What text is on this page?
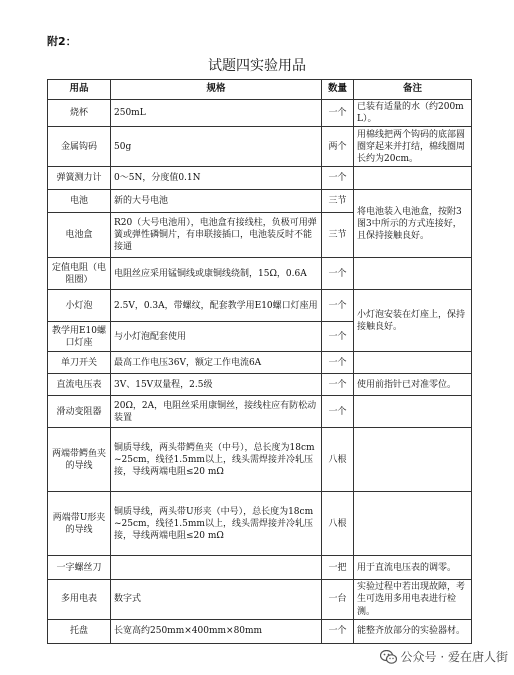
附2：
试题四实验用品
用品	规格	数量	备注
烧杯	250mL	一个	已装有适量的水（约200mL）。
金属钩码	50g	两个	用棉线把两个钩码的底部圆圈穿起来并打结，棉线圈周长约为20cm。
弹簧测力计	0～5N，分度值0.1N	一个	
电池	新的大号电池	三节	将电池装入电池盒，按附3图3中所示的方式连接好，且保持接触良好。
电池盒	R20（大号电池用），电池盒有接线柱，负极可用弹簧或弹性磷铜片，有串联接插口，电池装反时不能接通	三节	
定值电阻（电阻圈）	电阻丝应采用锰铜线或康铜线绕制，15Ω，0.6A	一个	
小灯泡	2.5V，0.3A，带螺纹，配套教学用E10螺口灯座用	一个	小灯泡安装在灯座上，保持接触良好。
教学用E10螺口灯座	与小灯泡配套使用	一个	
单刀开关	最高工作电压36V，额定工作电流6A	一个	
直流电压表	3V、15V双量程，2.5级	一个	使用前指针已对准零位。
滑动变阻器	20Ω，2A，电阻丝采用康铜丝，接线柱应有防松动装置	一个	
两端带鳄鱼夹的导线	铜质导线，两头带鳄鱼夹（中号），总长度为18cm~25cm，线径1.5mm以上，线头需焊接并冷轧压接，导线两端电阻≤20 mΩ	八根	
两端带U形夹的导线	铜质导线，两头带U形夹（中号），总长度为18cm~25cm，线径1.5mm以上，线头需焊接并冷轧压接，导线两端电阻≤20 mΩ	八根	
一字螺丝刀		一把	用于直流电压表的调零。
多用电表	数字式	一台	实验过程中若出现故障，考生可选用多用电表进行检测。
托盘	长宽高约250mm×400mm×80mm	一个	能整齐放部分的实验器材。
公众号 · 爱在唐人街
